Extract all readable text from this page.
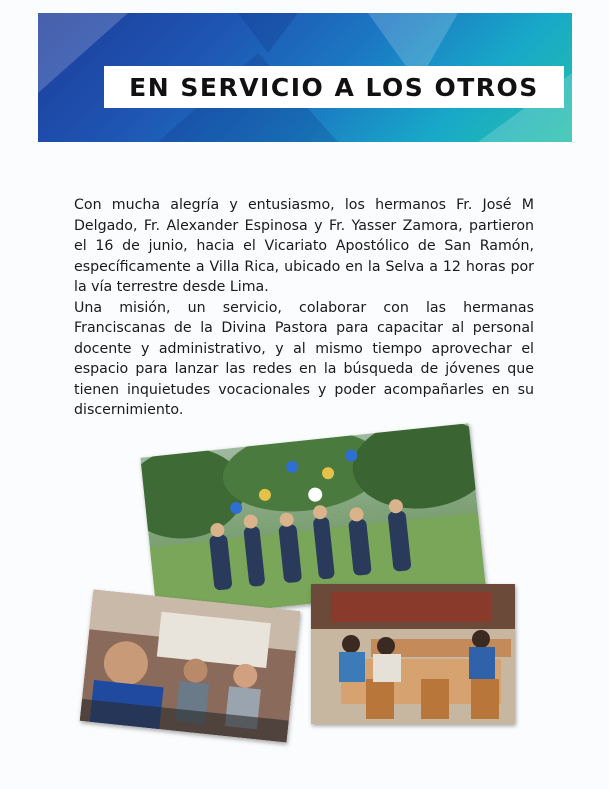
EN SERVICIO A LOS OTROS

Con mucha alegría y entusiasmo, los hermanos Fr. José M Delgado, Fr. Alexander Espinosa y Fr. Yasser Zamora, partieron el 16 de junio, hacia el Vicariato Apostólico de San Ramón, específicamente a Villa Rica, ubicado en la Selva a 12 horas por la vía terrestre desde Lima.

Una misión, un servicio, colaborar con las hermanas Franciscanas de la Divina Pastora para capacitar al personal docente y administrativo, y al mismo tiempo aprovechar el espacio para lanzar las redes en la búsqueda de jóvenes que tienen inquietudes vocacionales y poder acompañarles en su discernimiento.
